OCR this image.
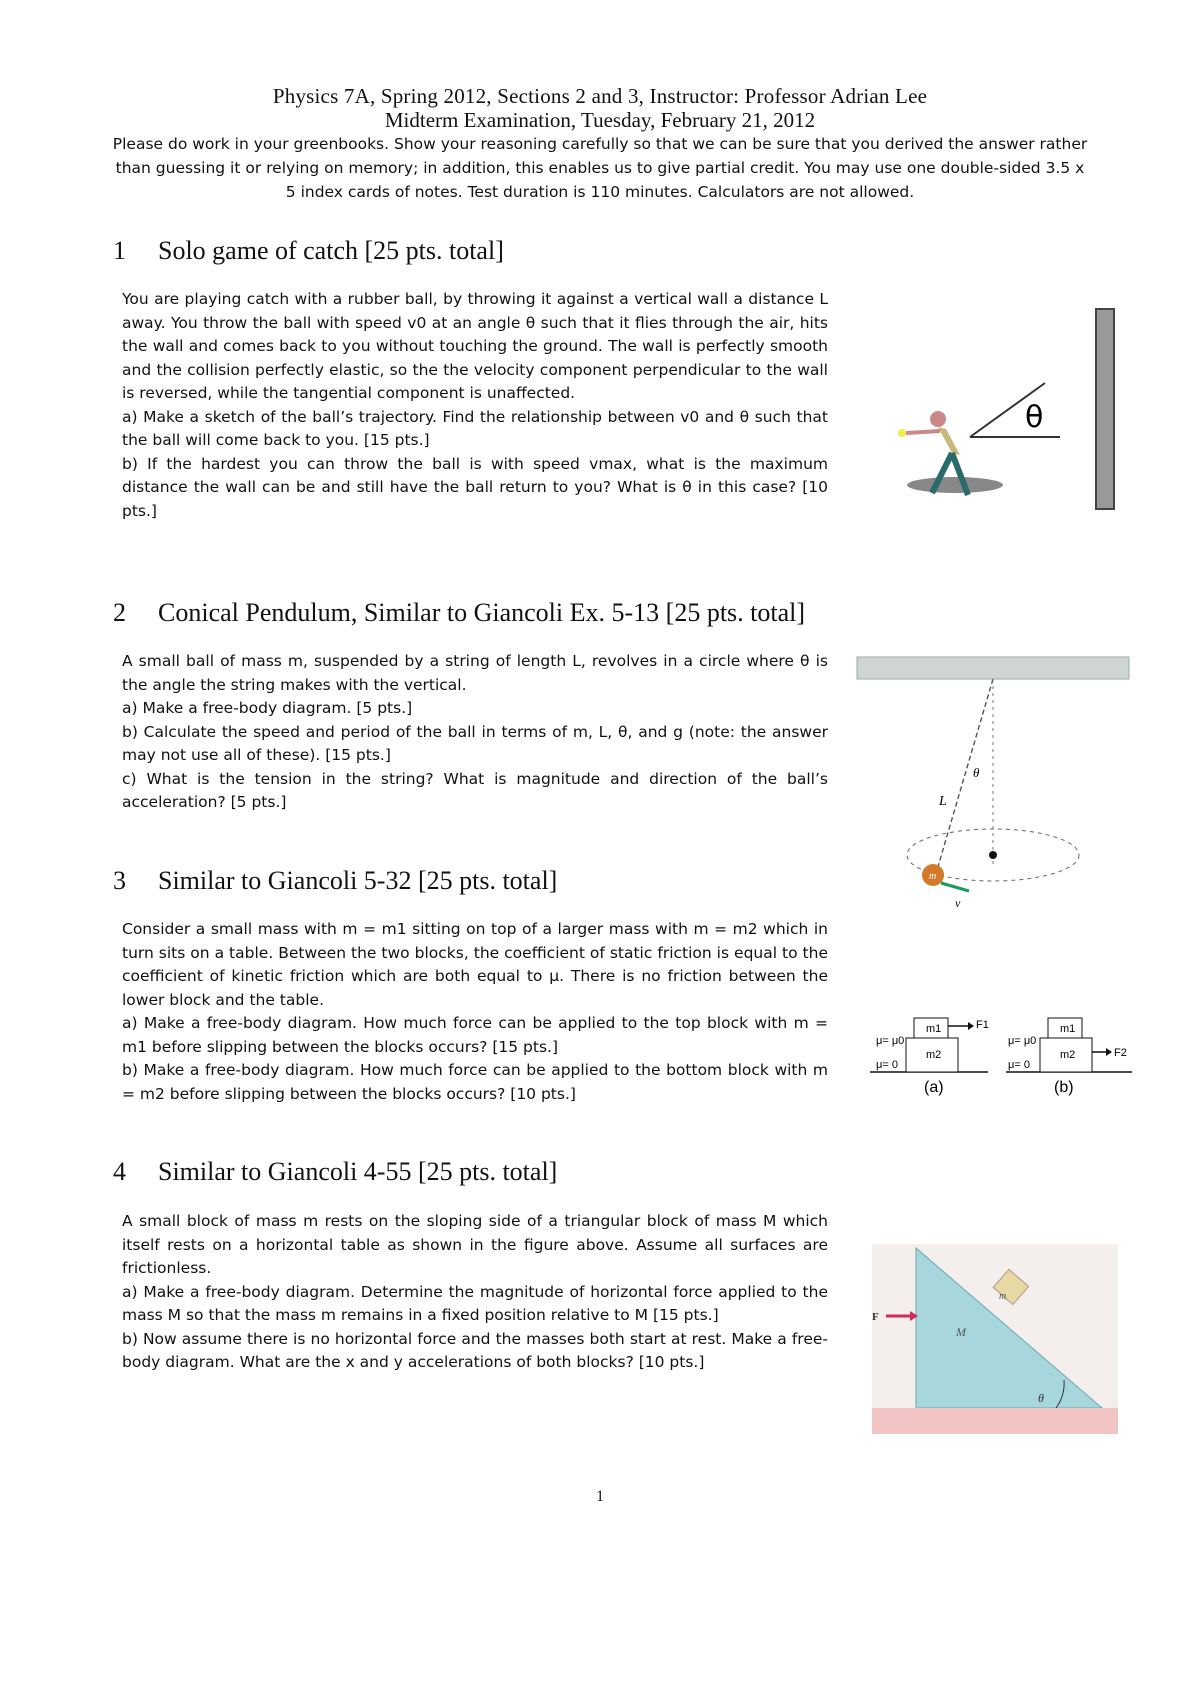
Physics 7A, Spring 2012, Sections 2 and 3, Instructor: Professor Adrian Lee
Midterm Examination, Tuesday, February 21, 2012
Please do work in your greenbooks. Show your reasoning carefully so that we can be sure that you derived the answer rather than guessing it or relying on memory; in addition, this enables us to give partial credit. You may use one double-sided 3.5 x 5 index cards of notes. Test duration is 110 minutes. Calculators are not allowed.
1 Solo game of catch [25 pts. total]

You are playing catch with a rubber ball, by throwing it against a vertical wall a distance L away. You throw the ball with speed v0 at an angle θ such that it flies through the air, hits the wall and comes back to you without touching the ground. The wall is perfectly smooth and the collision perfectly elastic, so the the velocity component perpendicular to the wall is reversed, while the tangential component is unaffected.

a) Make a sketch of the ball’s trajectory. Find the relationship between v0 and θ such that the ball will come back to you. [15 pts.]

b) If the hardest you can throw the ball is with speed vmax, what is the maximum distance the wall can be and still have the ball return to you? What is θ in this case? [10 pts.]

θ
2 Conical Pendulum, Similar to Giancoli Ex. 5-13 [25 pts. total]

A small ball of mass m, suspended by a string of length L, revolves in a circle where θ is the angle the string makes with the vertical.

a) Make a free-body diagram. [5 pts.]

b) Calculate the speed and period of the ball in terms of m, L, θ, and g (note: the answer may not use all of these). [15 pts.]

c) What is the tension in the string? What is magnitude and direction of the ball’s acceleration? [5 pts.]

θ
L
m
v
3 Similar to Giancoli 5-32 [25 pts. total]

Consider a small mass with m = m1 sitting on top of a larger mass with m = m2 which in turn sits on a table. Between the two blocks, the coefficient of static friction is equal to the coefficient of kinetic friction which are both equal to μ. There is no friction between the lower block and the table.

a) Make a free-body diagram. How much force can be applied to the top block with m = m1 before slipping between the blocks occurs? [15 pts.]

b) Make a free-body diagram. How much force can be applied to the bottom block with m = m2 before slipping between the blocks occurs? [10 pts.]

m1
m2
F1
μ= μ0
μ= 0
(a)
m1
m2	F2
μ= μ0
μ= 0
(b)
4 Similar to Giancoli 4-55 [25 pts. total]

A small block of mass m rests on the sloping side of a triangular block of mass M which itself rests on a horizontal table as shown in the figure above. Assume all surfaces are frictionless.

a) Make a free-body diagram. Determine the magnitude of horizontal force applied to the mass M so that the mass m remains in a fixed position relative to M [15 pts.]

b) Now assume there is no horizontal force and the masses both start at rest. Make a free-body diagram. What are the x and y accelerations of both blocks? [10 pts.]

m
M
θ
F
1
